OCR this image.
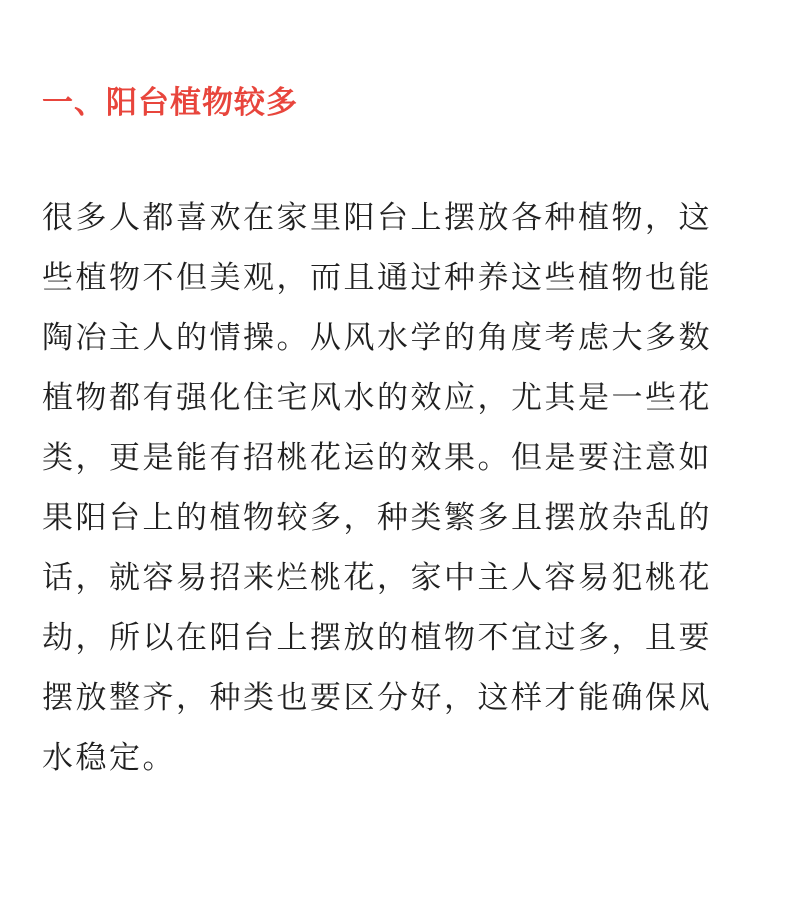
一、阳台植物较多
很多人都喜欢在家里阳台上摆放各种植物，这
些植物不但美观，而且通过种养这些植物也能
陶冶主人的情操。从风水学的角度考虑大多数
植物都有强化住宅风水的效应，尤其是一些花
类，更是能有招桃花运的效果。但是要注意如
果阳台上的植物较多，种类繁多且摆放杂乱的
话，就容易招来烂桃花，家中主人容易犯桃花
劫，所以在阳台上摆放的植物不宜过多，且要
摆放整齐，种类也要区分好，这样才能确保风
水稳定。
